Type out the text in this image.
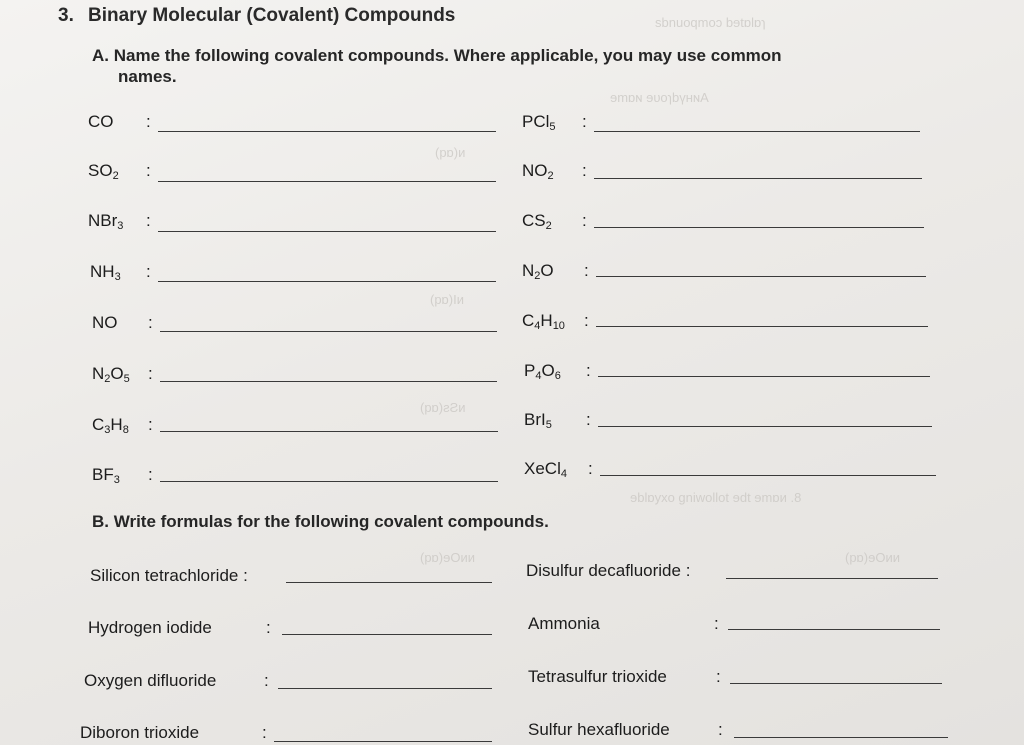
ѕbnuoqmoↄ bɘtɒlɒɿ
ɘmɒɴ ɘυoɿbүʜɴA
(pɒ)ᴎ
(pɒ)Iᴎ
(pɒ)ƨƧᴎ
ɘblɒyxo ɡniwollot ɘdt ɘmɒᴎ .8
(pɒ)ɘOᴎᴎ	(pɒ)ɘOᴎᴎ
3. Binary Molecular (Covalent) Compounds
A. Name the following covalent compounds. Where applicable, you may use common
names.
CO :
$SO_2$ :
NBr$_3$ :
$NH_3$ :
NO :
$N_2O_5$ :
$C_3H_8$ :
$BF_3$ :
PCl$_5$ :
$NO_2$ :
$CS_2$ :
$N_2O$ :
$C_4H_{10}$ :
$P_4O_6$ :
BrI$_5$ :
XeCl$_4$ :
B. Write formulas for the following covalent compounds.
Silicon tetrachloride :
Hydrogen iodide	:
Oxygen difluoride	:
Diboron trioxide	:
Disulfur decafluoride :
Ammonia	:
Tetrasulfur trioxide	:
Sulfur hexafluoride	:
